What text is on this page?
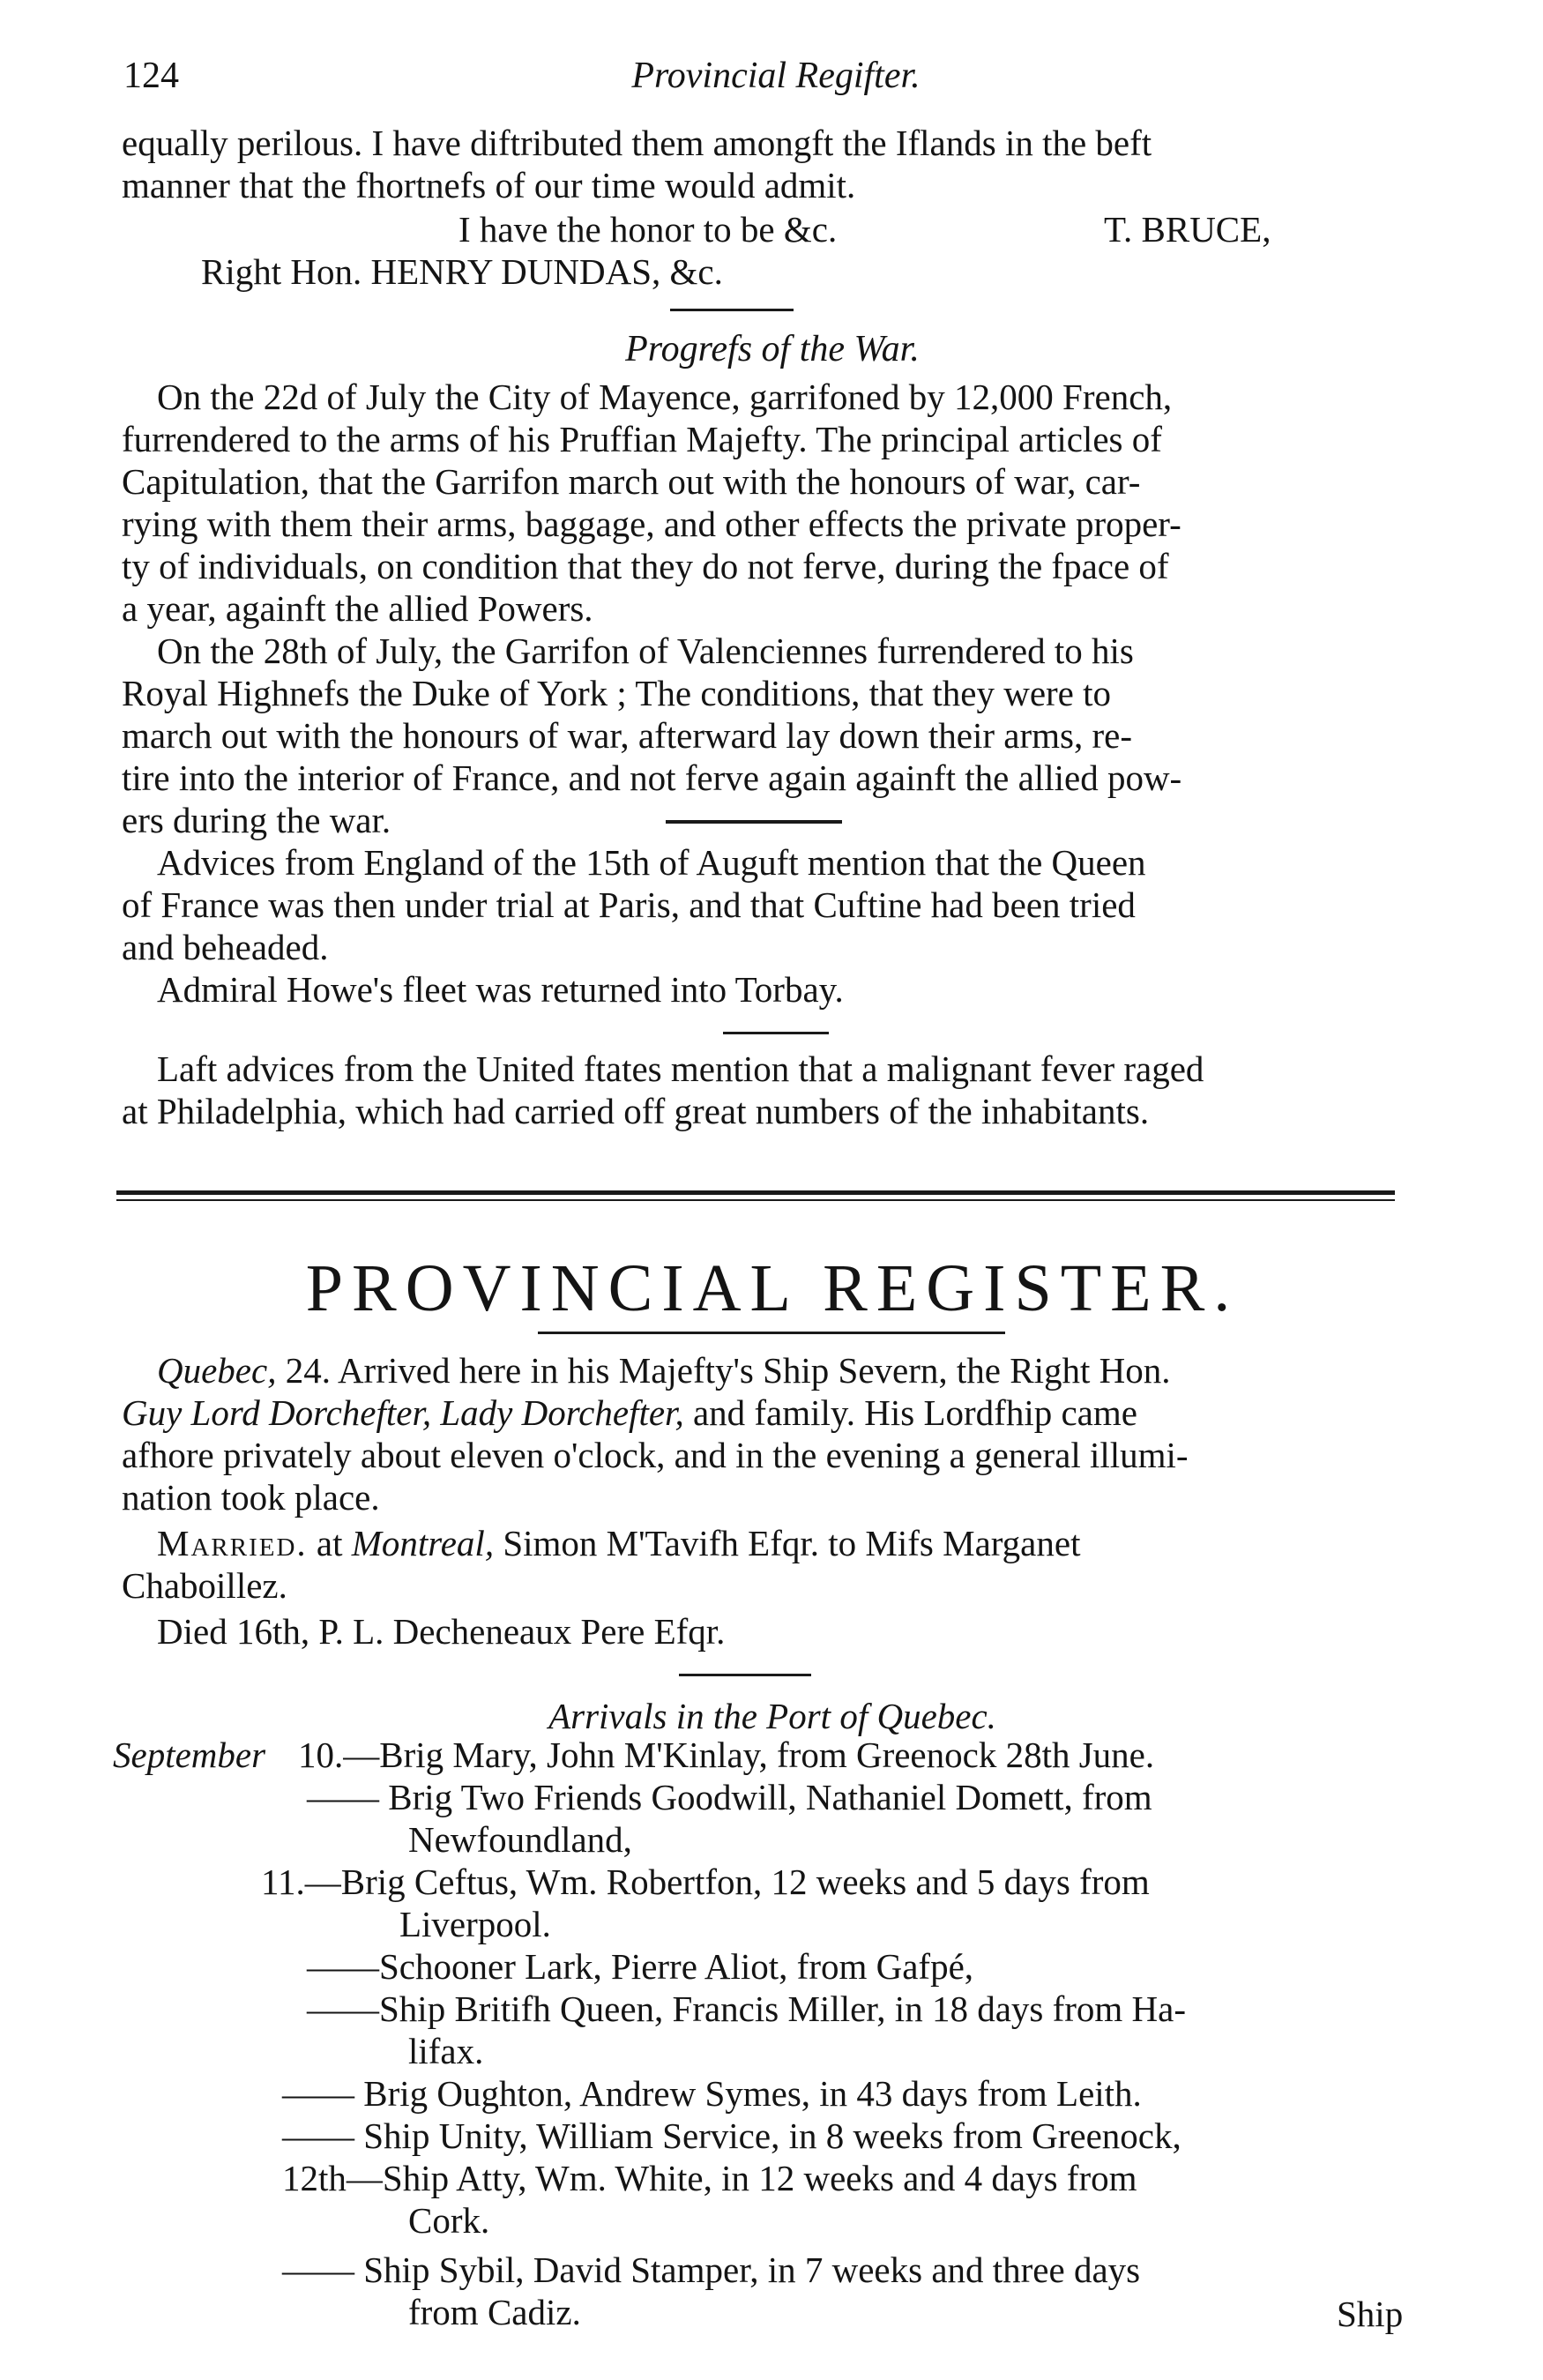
124	Provincial Regifter.
equally perilous. I have diftributed them amongft the Iflands in the beft
manner that the fhortnefs of our time would admit.
I have the honor to be &c.	T. BRUCE,
Right Hon. HENRY DUNDAS, &c.
Progrefs of the War.
On the 22d of July the City of Mayence, garrifoned by 12,000 French,
furrendered to the arms of his Pruffian Majefty. The principal articles of
Capitulation, that the Garrifon march out with the honours of war, car-
rying with them their arms, baggage, and other effects the private proper-
ty of individuals, on condition that they do not ferve, during the fpace of
a year, againft the allied Powers.
On the 28th of July, the Garrifon of Valenciennes furrendered to his
Royal Highnefs the Duke of York ; The conditions, that they were to
march out with the honours of war, afterward lay down their arms, re-
tire into the interior of France, and not ferve again againft the allied pow-
ers during the war.
Advices from England of the 15th of Auguft mention that the Queen
of France was then under trial at Paris, and that Cuftine had been tried
and beheaded.
Admiral Howe's fleet was returned into Torbay.
Laft advices from the United ftates mention that a malignant fever raged
at Philadelphia, which had carried off great numbers of the inhabitants.
PROVINCIAL REGISTER.
Quebec, 24. Arrived here in his Majefty's Ship Severn, the Right Hon.
Guy Lord Dorchefter, Lady Dorchefter, and family. His Lordfhip came
afhore privately about eleven o'clock, and in the evening a general illumi-
nation took place.
Married. at Montreal, Simon M'Tavifh Efqr. to Mifs Marganet
Chaboillez.
Died 16th, P. L. Decheneaux Pere Efqr.
Arrivals in the Port of Quebec.
September 10.—Brig Mary, John M'Kinlay, from Greenock 28th June.
—— Brig Two Friends Goodwill, Nathaniel Domett, from
Newfoundland,
11.—Brig Ceftus, Wm. Robertfon, 12 weeks and 5 days from
Liverpool.
——Schooner Lark, Pierre Aliot, from Gafpé,
——Ship Britifh Queen, Francis Miller, in 18 days from Ha-
lifax.
—— Brig Oughton, Andrew Symes, in 43 days from Leith.
—— Ship Unity, William Service, in 8 weeks from Greenock,
12th—Ship Atty, Wm. White, in 12 weeks and 4 days from
Cork.
—— Ship Sybil, David Stamper, in 7 weeks and three days
from Cadiz.	Ship
